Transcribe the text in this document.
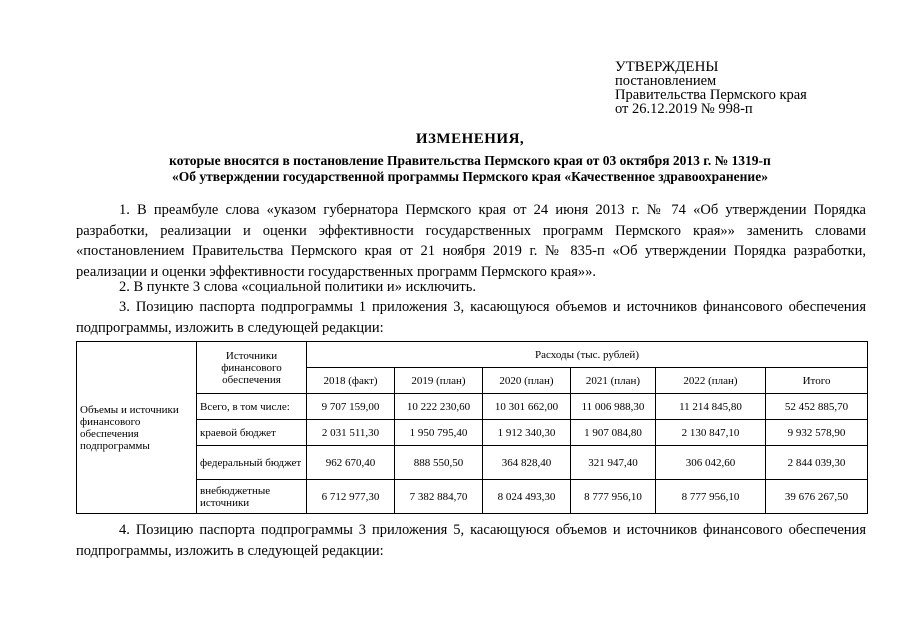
УТВЕРЖДЕНЫ
постановлением
Правительства Пермского края
от 26.12.2019 № 998-п
ИЗМЕНЕНИЯ,
которые вносятся в постановление Правительства Пермского края от 03 октября 2013 г. № 1319-п
«Об утверждении государственной программы Пермского края «Качественное здравоохранение»
1. В преамбуле слова «указом губернатора Пермского края от 24 июня 2013 г. № 74 «Об утверждении Порядка разработки, реализации и оценки эффективности государственных программ Пермского края»» заменить словами «постановлением Правительства Пермского края от 21 ноября 2019 г. № 835-п «Об утверждении Порядка разработки, реализации и оценки эффективности государственных программ Пермского края»».
2. В пункте 3 слова «социальной политики и» исключить.
3. Позицию паспорта подпрограммы 1 приложения 3, касающуюся объемов и источников финансового обеспечения подпрограммы, изложить в следующей редакции:
Объемы и источники финансового обеспечения подпрограммы	Источники финансового обеспечения	Расходы (тыс. рублей)					
		2018 (факт)	2019 (план)	2020 (план)	2021 (план)	2022 (план)	Итого
	Всего, в том числе:	9 707 159,00	10 222 230,60	10 301 662,00	11 006 988,30	11 214 845,80	52 452 885,70
	краевой бюджет	2 031 511,30	1 950 795,40	1 912 340,30	1 907 084,80	2 130 847,10	9 932 578,90
	федеральный бюджет	962 670,40	888 550,50	364 828,40	321 947,40	306 042,60	2 844 039,30
	внебюджетные источники	6 712 977,30	7 382 884,70	8 024 493,30	8 777 956,10	8 777 956,10	39 676 267,50
4. Позицию паспорта подпрограммы 3 приложения 5, касающуюся объемов и источников финансового обеспечения подпрограммы, изложить в следующей редакции:
